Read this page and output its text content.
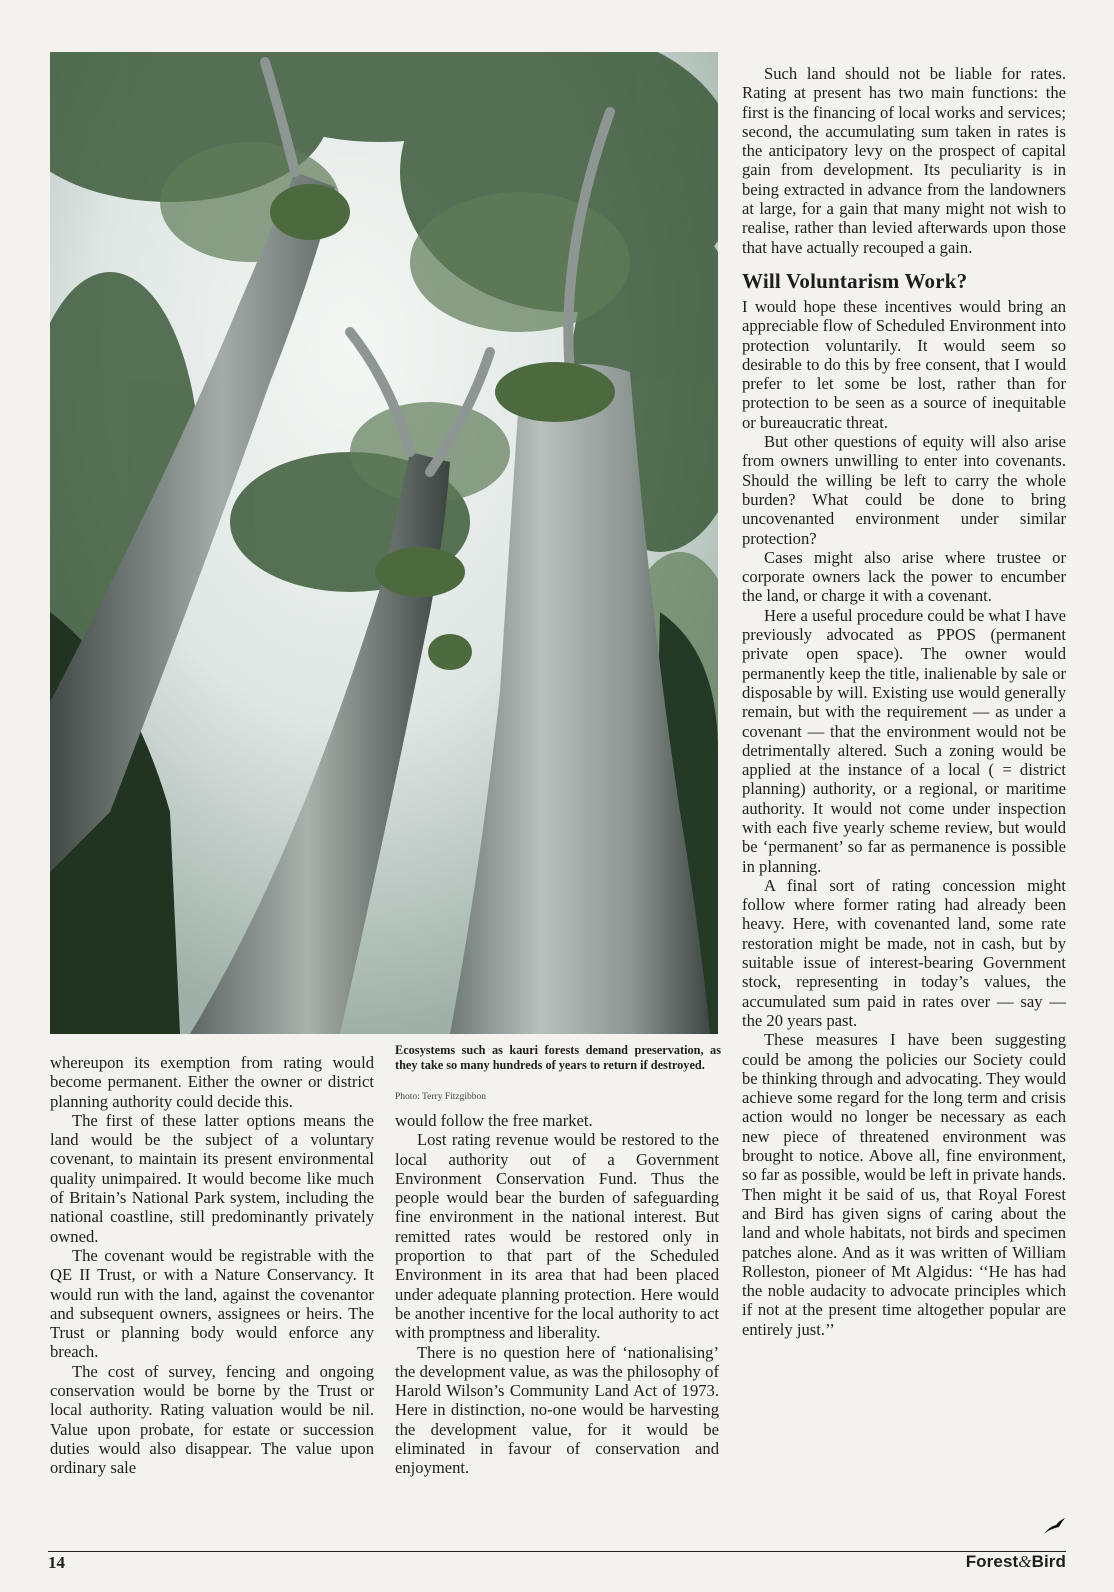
Ecosystems such as kauri forests demand preservation, as they take so many hundreds of years to return if destroyed.
Photo: Terry Fitzgibbon

whereupon its exemption from rating would become permanent. Either the owner or district planning authority could decide this.

The first of these latter options means the land would be the subject of a voluntary covenant, to maintain its present environmental quality unimpaired. It would become like much of Britain’s National Park system, including the national coastline, still predominantly privately owned.

The covenant would be registrable with the QE II Trust, or with a Nature Conservancy. It would run with the land, against the covenantor and subsequent owners, assignees or heirs. The Trust or planning body would enforce any breach.

The cost of survey, fencing and ongoing conservation would be borne by the Trust or local authority. Rating valuation would be nil. Value upon probate, for estate or succession duties would also disappear. The value upon ordinary sale

would follow the free market.

Lost rating revenue would be restored to the local authority out of a Government Environment Conservation Fund. Thus the people would bear the burden of safeguarding fine environment in the national interest. But remitted rates would be restored only in proportion to that part of the Scheduled Environment in its area that had been placed under adequate planning protection. Here would be another incentive for the local authority to act with promptness and liberality.

There is no question here of ‘nationalising’ the development value, as was the philosophy of Harold Wilson’s Community Land Act of 1973. Here in distinction, no-one would be harvesting the development value, for it would be eliminated in favour of conservation and enjoyment.

Such land should not be liable for rates. Rating at present has two main functions: the first is the financing of local works and services; second, the accumulating sum taken in rates is the anticipatory levy on the prospect of capital gain from development. Its peculiarity is in being extracted in advance from the landowners at large, for a gain that many might not wish to realise, rather than levied afterwards upon those that have actually recouped a gain.

Will Voluntarism Work?

I would hope these incentives would bring an appreciable flow of Scheduled Environment into protection voluntarily. It would seem so desirable to do this by free consent, that I would prefer to let some be lost, rather than for protection to be seen as a source of inequitable or bureaucratic threat.

But other questions of equity will also arise from owners unwilling to enter into covenants. Should the willing be left to carry the whole burden? What could be done to bring uncovenanted environment under similar protection?

Cases might also arise where trustee or corporate owners lack the power to encumber the land, or charge it with a covenant.

Here a useful procedure could be what I have previously advocated as PPOS (permanent private open space). The owner would permanently keep the title, inalienable by sale or disposable by will. Existing use would generally remain, but with the requirement — as under a covenant — that the environment would not be detrimentally altered. Such a zoning would be applied at the instance of a local ( = district planning) authority, or a regional, or maritime authority. It would not come under inspection with each five yearly scheme review, but would be ‘permanent’ so far as permanence is possible in planning.

A final sort of rating concession might follow where former rating had already been heavy. Here, with covenanted land, some rate restoration might be made, not in cash, but by suitable issue of interest-bearing Government stock, representing in today’s values, the accumulated sum paid in rates over — say — the 20 years past.

These measures I have been suggesting could be among the policies our Society could be thinking through and advocating. They would achieve some regard for the long term and crisis action would no longer be necessary as each new piece of threatened environment was brought to notice. Above all, fine environment, so far as possible, would be left in private hands. Then might it be said of us, that Royal Forest and Bird has given signs of caring about the land and whole habitats, not birds and specimen patches alone. And as it was written of William Rolleston, pioneer of Mt Algidus: ‘‘He has had the noble audacity to advocate principles which if not at the present time altogether popular are entirely just.’’

14	Forest&Bird
